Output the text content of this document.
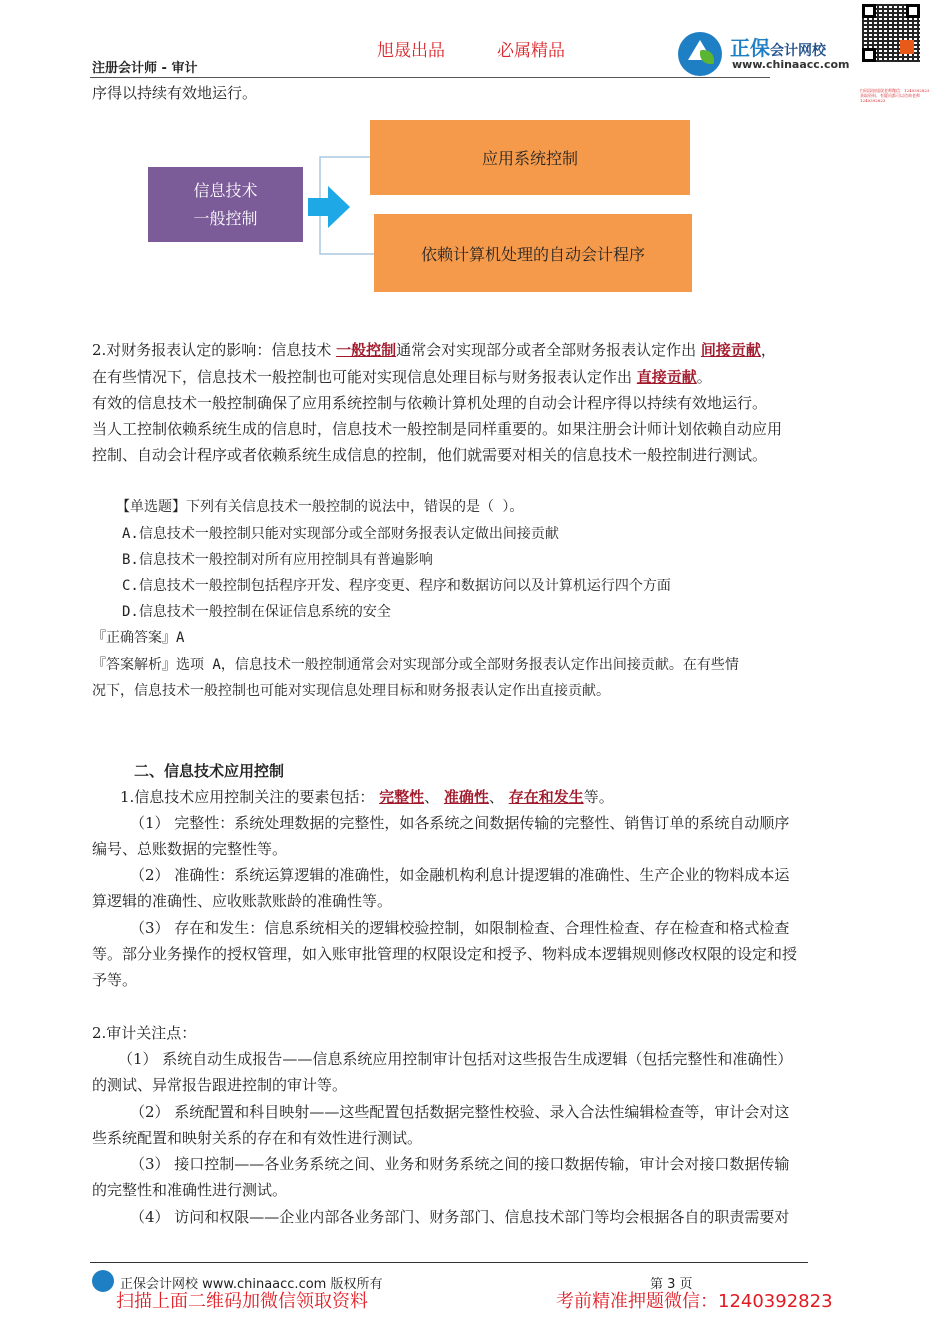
旭晟出品	必属精品
注册会计师 - 审计
正保会计网校
www.chinaacc.com
扫码添加旭晟老师微信：1240392823 获取资料、有疑问都可以咨询老师 1240392823
序得以持续有效地运行。
信息技术
一般控制
应用系统控制
依赖计算机处理的自动会计程序
2.对财务报表认定的影响：信息技术 一般控制通常会对实现部分或者全部财务报表认定作出 间接贡献，
在有些情况下，信息技术一般控制也可能对实现信息处理目标与财务报表认定作出 直接贡献。
有效的信息技术一般控制确保了应用系统控制与依赖计算机处理的自动会计程序得以持续有效地运行。
当人工控制依赖系统生成的信息时，信息技术一般控制是同样重要的。如果注册会计师计划依赖自动应用
控制、自动会计程序或者依赖系统生成信息的控制，他们就需要对相关的信息技术一般控制进行测试。
【单选题】下列有关信息技术一般控制的说法中，错误的是（ ）。
A.信息技术一般控制只能对实现部分或全部财务报表认定做出间接贡献
B.信息技术一般控制对所有应用控制具有普遍影响
C.信息技术一般控制包括程序开发、程序变更、程序和数据访问以及计算机运行四个方面
D.信息技术一般控制在保证信息系统的安全
『正确答案』A
『答案解析』选项 A，信息技术一般控制通常会对实现部分或全部财务报表认定作出间接贡献。在有些情
况下，信息技术一般控制也可能对实现信息处理目标和财务报表认定作出直接贡献。
二、信息技术应用控制
1.信息技术应用控制关注的要素包括： 完整性、 准确性、 存在和发生等。
（1） 完整性：系统处理数据的完整性，如各系统之间数据传输的完整性、销售订单的系统自动顺序
编号、总账数据的完整性等。
（2） 准确性：系统运算逻辑的准确性，如金融机构利息计提逻辑的准确性、生产企业的物料成本运
算逻辑的准确性、应收账款账龄的准确性等。
（3） 存在和发生：信息系统相关的逻辑校验控制，如限制检查、合理性检查、存在检查和格式检查
等。部分业务操作的授权管理，如入账审批管理的权限设定和授予、物料成本逻辑规则修改权限的设定和授
予等。
2.审计关注点：
（1） 系统自动生成报告——信息系统应用控制审计包括对这些报告生成逻辑（包括完整性和准确性）
的测试、异常报告跟进控制的审计等。
（2） 系统配置和科目映射——这些配置包括数据完整性校验、录入合法性编辑检查等，审计会对这
些系统配置和映射关系的存在和有效性进行测试。
（3） 接口控制——各业务系统之间、业务和财务系统之间的接口数据传输，审计会对接口数据传输
的完整性和准确性进行测试。
（4） 访问和权限——企业内部各业务部门、财务部门、信息技术部门等均会根据各自的职责需要对
正保会计网校 www.chinaacc.com 版权所有	第 3 页
扫描上面二维码加微信领取资料	考前精准押题微信：1240392823
